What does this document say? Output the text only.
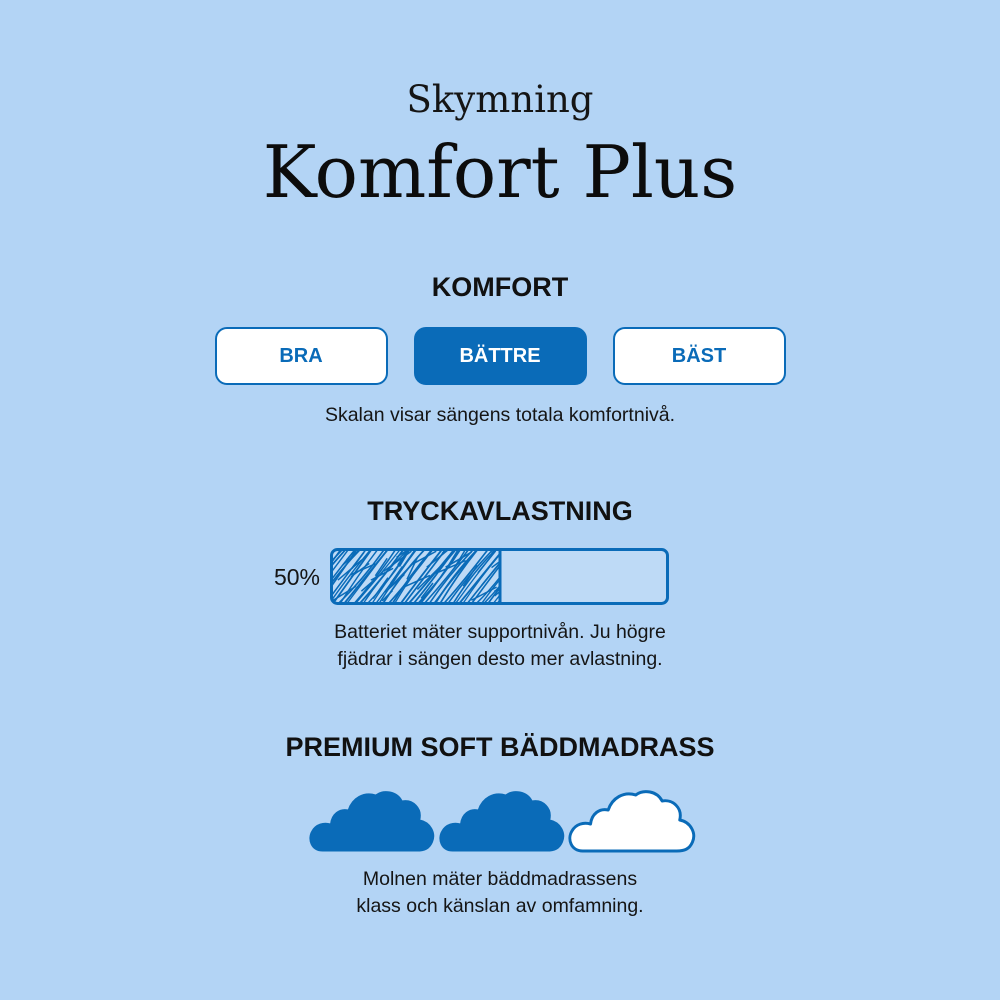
Skymning
Komfort Plus
KOMFORT
BRA	BÄTTRE	BÄST
Skalan visar sängens totala komfortnivå.
TRYCKAVLASTNING
50%
Batteriet mäter supportnivån. Ju högre
fjädrar i sängen desto mer avlastning.
PREMIUM SOFT BÄDDMADRASS
Molnen mäter bäddmadrassens
klass och känslan av omfamning.
